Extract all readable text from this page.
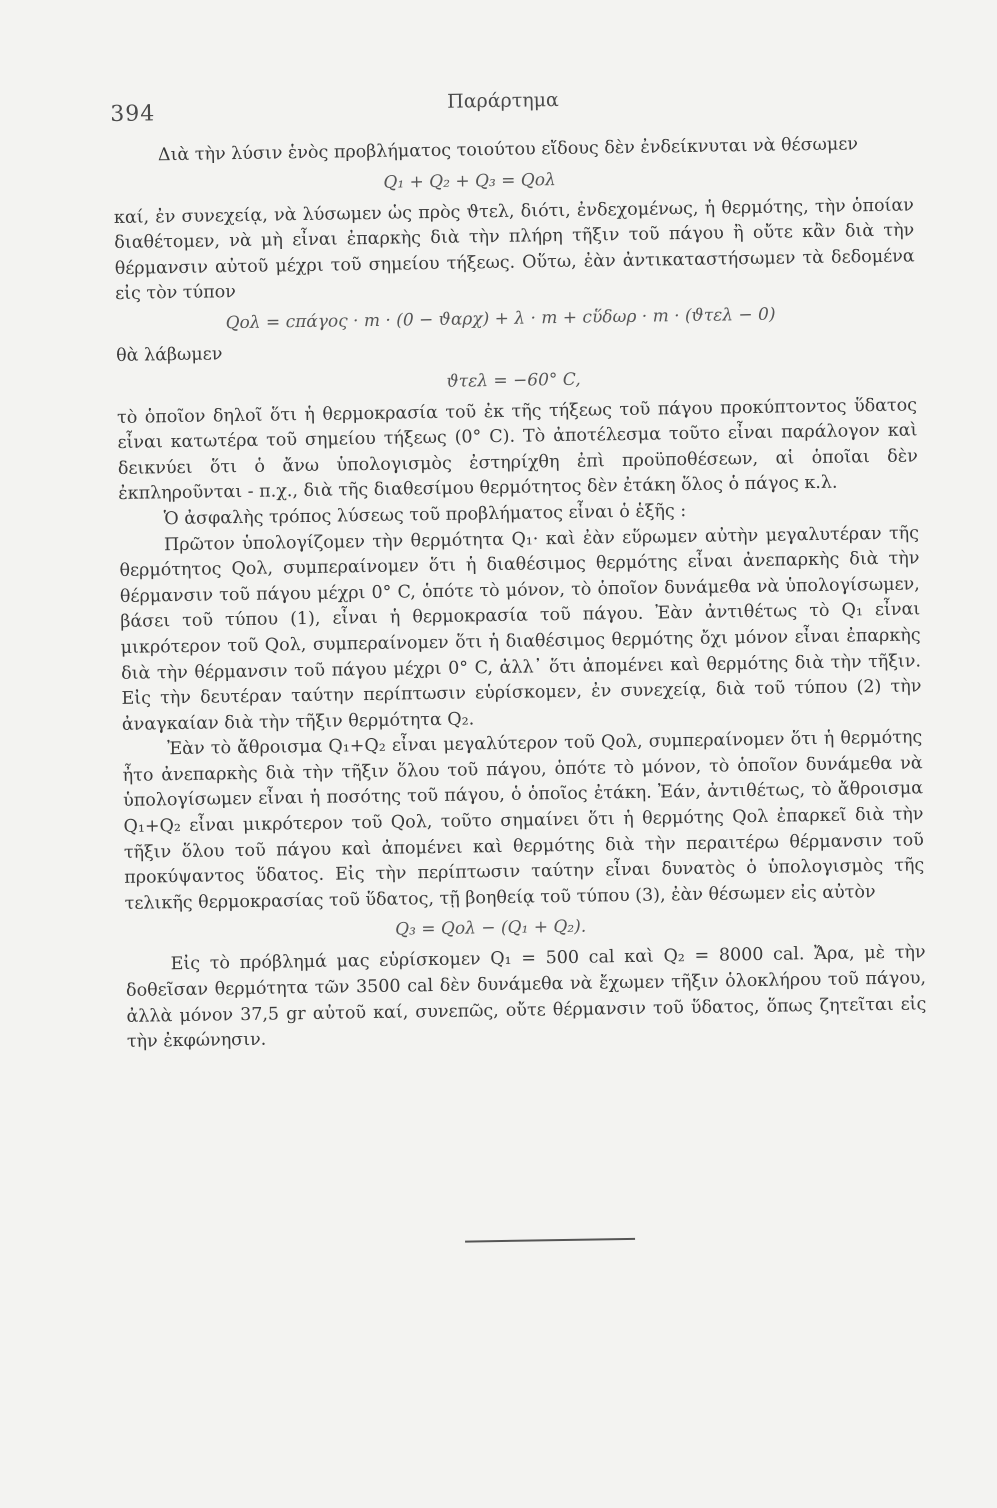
394
Παράρτημα

Διὰ τὴν λύσιν ἑνὸς προβλήματος τοιούτου εἴδους δὲν ἐνδείκνυται νὰ θέσωμεν

Q₁ + Q₂ + Q₃ = Qολ

καί, ἐν συνεχείᾳ, νὰ λύσωμεν ὡς πρὸς ϑτελ, διότι, ἐνδεχομένως, ἡ θερμότης, τὴν ὁποίαν διαθέτομεν, νὰ μὴ εἶναι ἐπαρκὴς διὰ τὴν πλήρη τῆξιν τοῦ πάγου ἢ οὔτε κἂν διὰ τὴν θέρμανσιν αὐτοῦ μέχρι τοῦ σημείου τήξεως. Οὕτω, ἐὰν ἀντικαταστήσωμεν τὰ δεδομένα εἰς τὸν τύπον

Qολ = cπάγος · m · (0 − ϑαρχ) + λ · m + cὕδωρ · m · (ϑτελ − 0)

θὰ λάβωμεν

ϑτελ = −60° C,

τὸ ὁποῖον δηλοῖ ὅτι ἡ θερμοκρασία τοῦ ἐκ τῆς τήξεως τοῦ πάγου προκύπτοντος ὕδατος εἶναι κατωτέρα τοῦ σημείου τήξεως (0° C). Τὸ ἀποτέλεσμα τοῦτο εἶναι παράλογον καὶ δεικνύει ὅτι ὁ ἄνω ὑπολογισμὸς ἐστηρίχθη ἐπὶ προϋποθέσεων, αἱ ὁποῖαι δὲν ἐκπληροῦνται - π.χ., διὰ τῆς διαθεσίμου θερμότητος δὲν ἐτάκη ὅλος ὁ πάγος κ.λ.

Ὁ ἀσφαλὴς τρόπος λύσεως τοῦ προβλήματος εἶναι ὁ ἑξῆς :

Πρῶτον ὑπολογίζομεν τὴν θερμότητα Q₁· καὶ ἐὰν εὕρωμεν αὐτὴν μεγαλυτέραν τῆς θερμότητος Qολ, συμπεραίνομεν ὅτι ἡ διαθέσιμος θερμότης εἶναι ἀνεπαρκὴς διὰ τὴν θέρμανσιν τοῦ πάγου μέχρι 0° C, ὁπότε τὸ μόνον, τὸ ὁποῖον δυνάμεθα νὰ ὑπολογίσωμεν, βάσει τοῦ τύπου (1), εἶναι ἡ θερμοκρασία τοῦ πάγου. Ἐὰν ἀντιθέτως τὸ Q₁ εἶναι μικρότερον τοῦ Qολ, συμπεραίνομεν ὅτι ἡ διαθέσιμος θερμότης ὄχι μόνον εἶναι ἐπαρκὴς διὰ τὴν θέρμανσιν τοῦ πάγου μέχρι 0° C, ἀλλ᾽ ὅτι ἀπομένει καὶ θερμότης διὰ τὴν τῆξιν. Εἰς τὴν δευτέραν ταύτην περίπτωσιν εὑρίσκομεν, ἐν συνεχείᾳ, διὰ τοῦ τύπου (2) τὴν ἀναγκαίαν διὰ τὴν τῆξιν θερμότητα Q₂.

Ἐὰν τὸ ἄθροισμα Q₁+Q₂ εἶναι μεγαλύτερον τοῦ Qολ, συμπεραίνομεν ὅτι ἡ θερμότης ἦτο ἀνεπαρκὴς διὰ τὴν τῆξιν ὅλου τοῦ πάγου, ὁπότε τὸ μόνον, τὸ ὁποῖον δυνάμεθα νὰ ὑπολογίσωμεν εἶναι ἡ ποσότης τοῦ πάγου, ὁ ὁποῖος ἐτάκη. Ἐάν, ἀντιθέτως, τὸ ἄθροισμα Q₁+Q₂ εἶναι μικρότερον τοῦ Qολ, τοῦτο σημαίνει ὅτι ἡ θερμότης Qολ ἐπαρκεῖ διὰ τὴν τῆξιν ὅλου τοῦ πάγου καὶ ἀπομένει καὶ θερμότης διὰ τὴν περαιτέρω θέρμανσιν τοῦ προκύψαντος ὕδατος. Εἰς τὴν περίπτωσιν ταύτην εἶναι δυνατὸς ὁ ὑπολογισμὸς τῆς τελικῆς θερμοκρασίας τοῦ ὕδατος, τῇ βοηθείᾳ τοῦ τύπου (3), ἐὰν θέσωμεν εἰς αὐτὸν

Q₃ = Qολ − (Q₁ + Q₂).

Εἰς τὸ πρόβλημά μας εὑρίσκομεν Q₁ = 500 cal καὶ Q₂ = 8000 cal. Ἄρα, μὲ τὴν δοθεῖσαν θερμότητα τῶν 3500 cal δὲν δυνάμεθα νὰ ἔχωμεν τῆξιν ὁλοκλήρου τοῦ πάγου, ἀλλὰ μόνον 37,5 gr αὐτοῦ καί, συνεπῶς, οὔτε θέρμανσιν τοῦ ὕδατος, ὅπως ζητεῖται εἰς τὴν ἐκφώνησιν.
